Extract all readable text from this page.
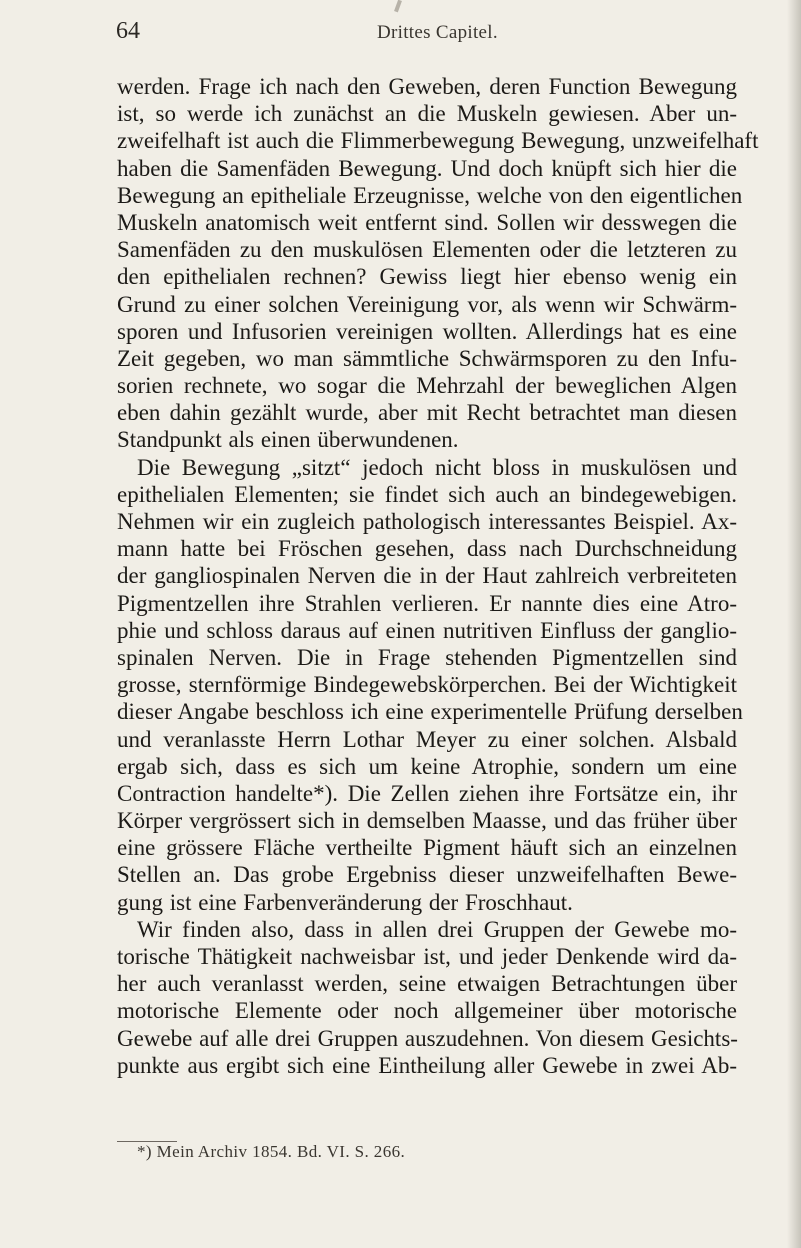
64	Drittes Capitel.
werden. Frage ich nach den Geweben, deren Function Bewegung
ist, so werde ich zunächst an die Muskeln gewiesen. Aber un-
zweifelhaft ist auch die Flimmerbewegung Bewegung, unzweifelhaft
haben die Samenfäden Bewegung. Und doch knüpft sich hier die
Bewegung an epitheliale Erzeugnisse, welche von den eigentlichen
Muskeln anatomisch weit entfernt sind. Sollen wir desswegen die
Samenfäden zu den muskulösen Elementen oder die letzteren zu
den epithelialen rechnen? Gewiss liegt hier ebenso wenig ein
Grund zu einer solchen Vereinigung vor, als wenn wir Schwärm-
sporen und Infusorien vereinigen wollten. Allerdings hat es eine
Zeit gegeben, wo man sämmtliche Schwärmsporen zu den Infu-
sorien rechnete, wo sogar die Mehrzahl der beweglichen Algen
eben dahin gezählt wurde, aber mit Recht betrachtet man diesen
Standpunkt als einen überwundenen.
Die Bewegung „sitzt“ jedoch nicht bloss in muskulösen und
epithelialen Elementen; sie findet sich auch an bindegewebigen.
Nehmen wir ein zugleich pathologisch interessantes Beispiel. Ax-
mann hatte bei Fröschen gesehen, dass nach Durchschneidung
der gangliospinalen Nerven die in der Haut zahlreich verbreiteten
Pigmentzellen ihre Strahlen verlieren. Er nannte dies eine Atro-
phie und schloss daraus auf einen nutritiven Einfluss der ganglio-
spinalen Nerven. Die in Frage stehenden Pigmentzellen sind
grosse, sternförmige Bindegewebskörperchen. Bei der Wichtigkeit
dieser Angabe beschloss ich eine experimentelle Prüfung derselben
und veranlasste Herrn Lothar Meyer zu einer solchen. Alsbald
ergab sich, dass es sich um keine Atrophie, sondern um eine
Contraction handelte*). Die Zellen ziehen ihre Fortsätze ein, ihr
Körper vergrössert sich in demselben Maasse, und das früher über
eine grössere Fläche vertheilte Pigment häuft sich an einzelnen
Stellen an. Das grobe Ergebniss dieser unzweifelhaften Bewe-
gung ist eine Farbenveränderung der Froschhaut.
Wir finden also, dass in allen drei Gruppen der Gewebe mo-
torische Thätigkeit nachweisbar ist, und jeder Denkende wird da-
her auch veranlasst werden, seine etwaigen Betrachtungen über
motorische Elemente oder noch allgemeiner über motorische
Gewebe auf alle drei Gruppen auszudehnen. Von diesem Gesichts-
punkte aus ergibt sich eine Eintheilung aller Gewebe in zwei Ab-
*) Mein Archiv 1854. Bd. VI. S. 266.
